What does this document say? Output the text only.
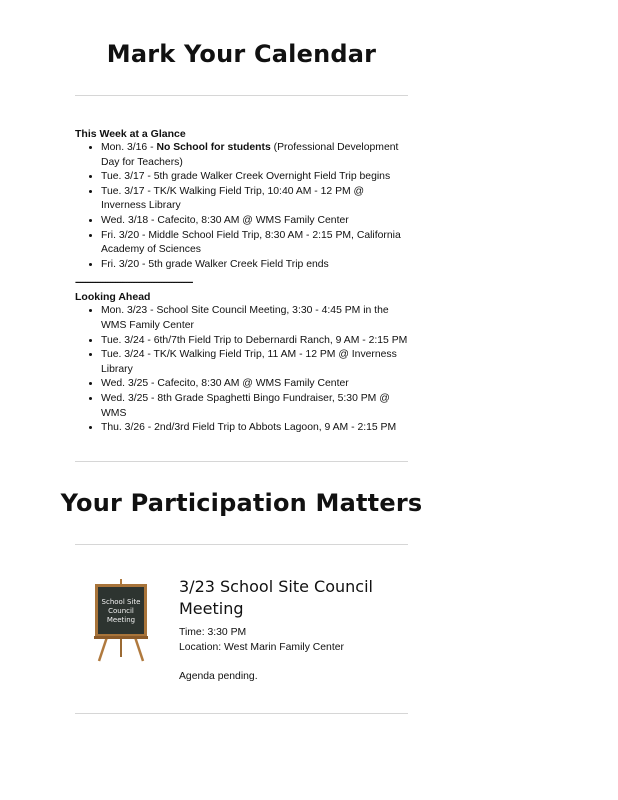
Mark Your Calendar

This Week at a Glance

• Mon. 3/16 - No School for students (Professional Development Day for Teachers)
• Tue. 3/17 - 5th grade Walker Creek Overnight Field Trip begins
• Tue. 3/17 - TK/K Walking Field Trip, 10:40 AM - 12 PM @ Inverness Library
• Wed. 3/18 - Cafecito, 8:30 AM @ WMS Family Center
• Fri. 3/20 - Middle School Field Trip, 8:30 AM - 2:15 PM, California Academy of Sciences
• Fri. 3/20 - 5th grade Walker Creek Field Trip ends
-----------------------------------------------

Looking Ahead

• Mon. 3/23 - School Site Council Meeting, 3:30 - 4:45 PM in the WMS Family Center
• Tue. 3/24 - 6th/7th Field Trip to Debernardi Ranch, 9 AM - 2:15 PM
• Tue. 3/24 - TK/K Walking Field Trip, 11 AM - 12 PM @ Inverness Library
• Wed. 3/25 - Cafecito, 8:30 AM @ WMS Family Center
• Wed. 3/25 - 8th Grade Spaghetti Bingo Fundraiser, 5:30 PM @ WMS
• Thu. 3/26 - 2nd/3rd Field Trip to Abbots Lagoon, 9 AM - 2:15 PM
Your Participation Matters
School Site
Council
Meeting

3/23 School Site Council Meeting

Time: 3:30 PM

Location: West Marin Family Center

Agenda pending.
